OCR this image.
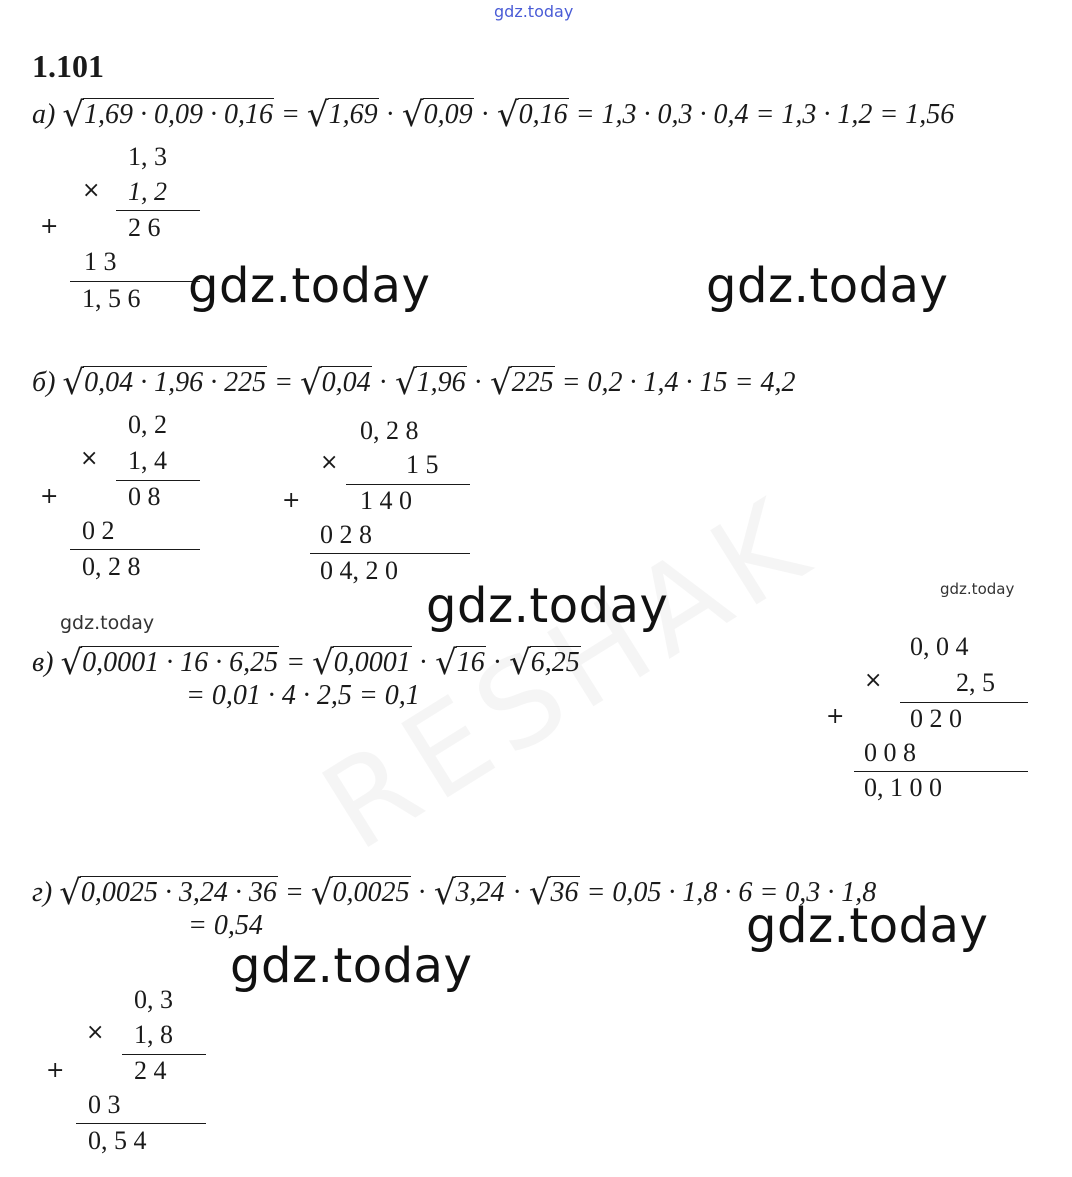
gdz.today
1.101
а) √1,69 · 0,09 · 0,16 = √1,69 · √0,09 · √0,16 = 1,3 · 0,3 · 0,4 = 1,3 · 1,2 = 1,56
×
+
1, 3
1, 2
2 6
1 3
1, 5 6 gdz.today	gdz.today
б) √0,04 · 1,96 · 225 = √0,04 · √1,96 · √225 = 0,2 · 1,4 · 15 = 4,2
×
+
0, 2
1, 4
0 8
0 2
0, 2 8
×
+
0, 2 8
1 5
1 4 0
0 2 8
0 4, 2 0
gdz.today	gdz.today
gdz.today
в) √0,0001 · 16 · 6,25 = √0,0001 · √16 · √6,25
= 0,01 · 4 · 2,5 = 0,1	×
+
0, 0 4
2, 5
0 2 0
0 0 8
0, 1 0 0
г) √0,0025 · 3,24 · 36 = √0,0025 · √3,24 · √36 = 0,05 · 1,8 · 6 = 0,3 · 1,8
= 0,54	gdz.today
gdz.today
×
+
0, 3
1, 8
2 4
0 3
0, 5 4
